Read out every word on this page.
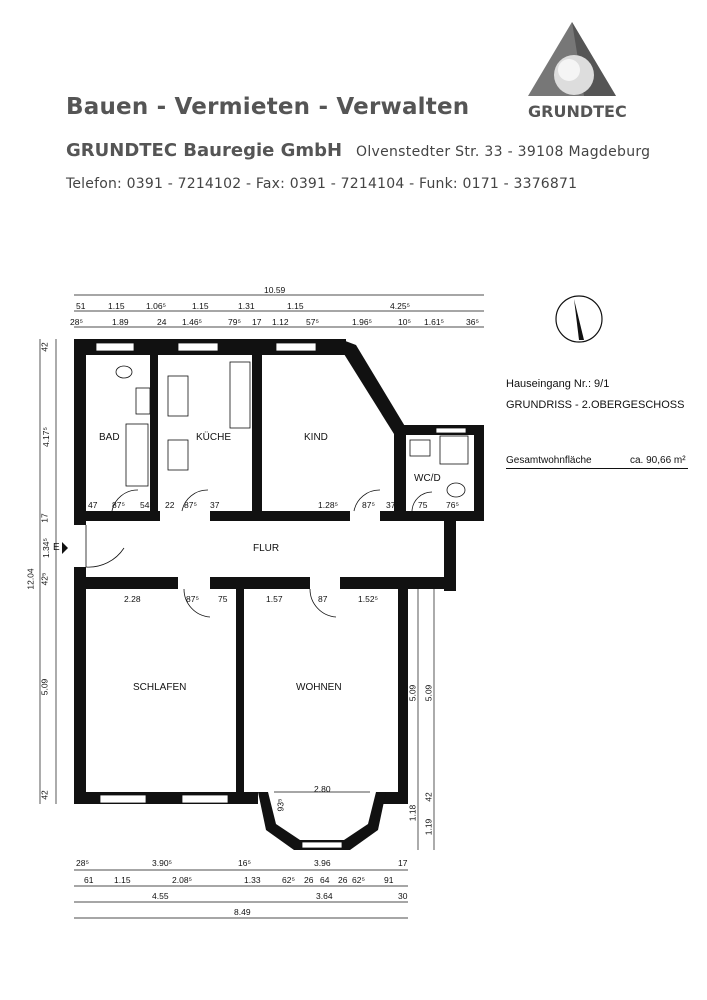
Bauen - Vermieten - Verwalten
GRUNDTEC Bauregie GmbH Olvenstedter Str. 33 - 39108 Magdeburg
Telefon: 0391 - 7214102 - Fax: 0391 - 7214104 - Funk: 0171 - 3376871
GRUNDTEC
Hauseingang Nr.: 9/1
GRUNDRISS - 2.OBERGESCHOSS
Gesamtwohnfläche	ca. 90,66 m²
BAD	KÜCHE	KIND
WC/D
FLUR
SCHLAFEN	WOHNEN
E
10.59
51	1.15	1.06⁵	1.15	1.31	1.15	4.25⁵
28⁵	1.89	24 1.46⁵	79⁵ 17 1.12 57⁵	1.96⁵	10⁵ 1.61⁵	36⁵
12.04
42
4.17⁵
17
1.34⁵
42⁵
5.09
42
5.09 5.09
42
1.18
1.19
47 87⁵ 54⁵ 22 87⁵ 37	1.28⁵	87⁵ 37⁵ 75 76⁵
2.28	87⁵ 75	1.57	87	1.52⁵
2.80
93⁵
28⁵	3.90⁵	16⁵	3.96	17
61 1.15	2.08⁵	1.33	62⁵ 26 64 26 62⁵ 91
4.55	3.64	30
8.49
